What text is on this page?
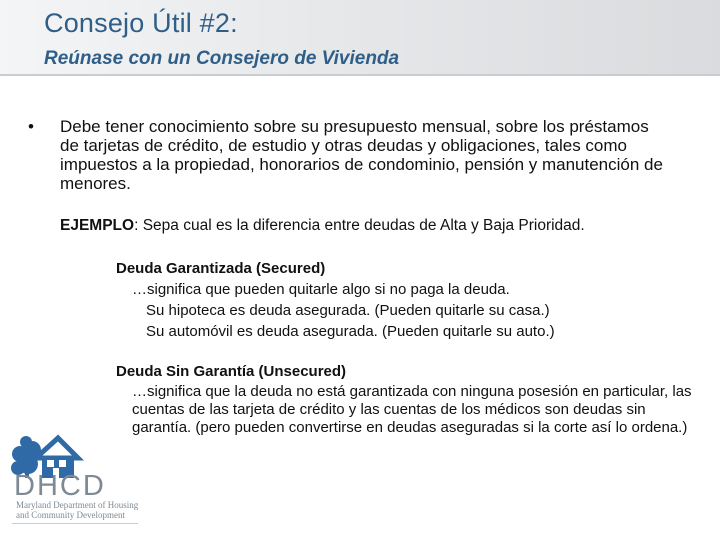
Consejo Útil #2:
Reúnase con un Consejero de Vivienda
• Debe tener conocimiento sobre su presupuesto mensual, sobre los préstamos de tarjetas de crédito, de estudio y otras deudas y obligaciones, tales como impuestos a la propiedad, honorarios de condominio, pensión y manutención de menores.
EJEMPLO: Sepa cual es la diferencia entre deudas de Alta y Baja Prioridad.
Deuda Garantizada (Secured)
…significa que pueden quitarle algo si no paga la deuda.
Su hipoteca es deuda asegurada. (Pueden quitarle su casa.)
Su automóvil es deuda asegurada. (Pueden quitarle su auto.)
Deuda Sin Garantía (Unsecured)
…significa que la deuda no está garantizada con ninguna posesión en particular, las cuentas de las tarjeta de crédito y las cuentas de los médicos son deudas sin garantía. (pero pueden convertirse en deudas aseguradas si la corte así lo ordena.)
DHCD
Maryland Department of Housing and Community Development
